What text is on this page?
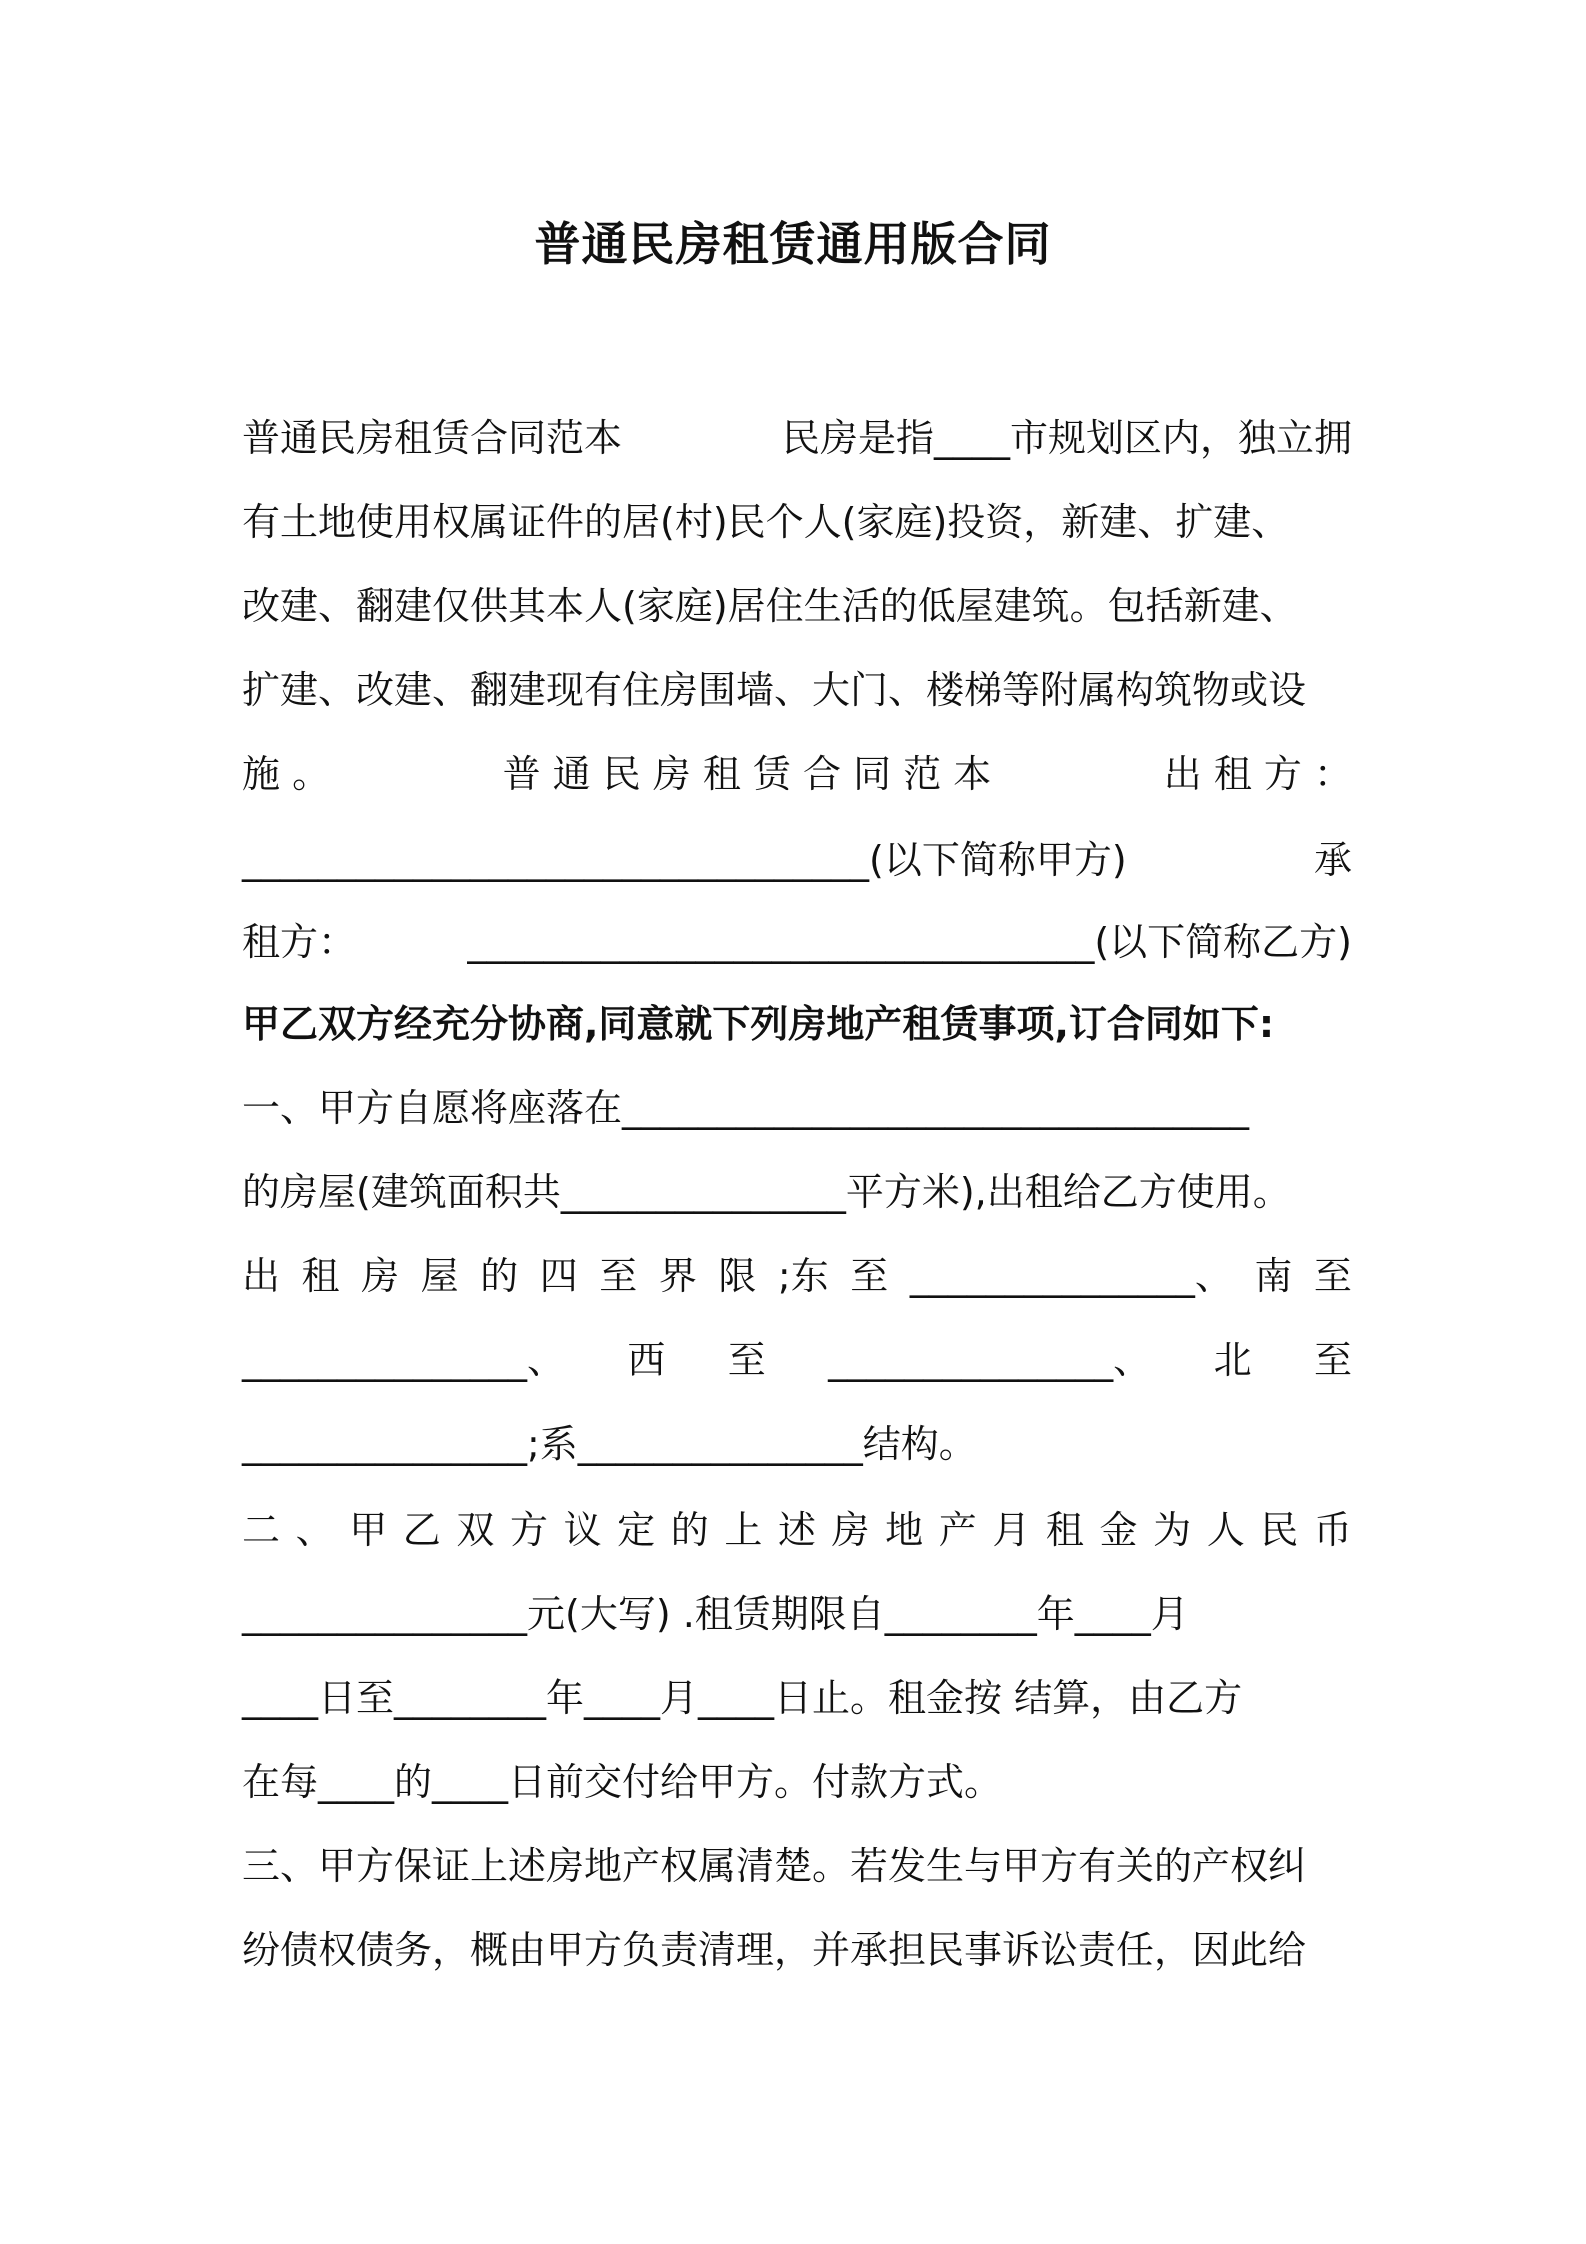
普通民房租赁通用版合同
普通民房租赁合同范本	民房是指____市规划区内，独立拥
有土地使用权属证件的居(村)民个人(家庭)投资，新建、扩建、
改建、翻建仅供其本人(家庭)居住生活的低屋建筑。包括新建、
扩建、改建、翻建现有住房围墙、大门、楼梯等附属构筑物或设
施 。	普 通 民 房 租 赁 合 同 范 本	出 租 方 ：
_________________________________(以下简称甲方)	承
租方：	_________________________________(以下简称乙方)
甲乙双方经充分协商,同意就下列房地产租赁事项,订合同如下:
一、甲方自愿将座落在_________________________________
的房屋(建筑面积共_______________平方米),出租给乙方使用。
出 租 房 屋 的 四 至 界 限 ;东 至 _______________、 南 至
_______________、 西 至 _______________、 北 至
_______________;系_______________结构。
二 、 甲 乙 双 方 议 定 的 上 述 房 地 产 月 租 金 为 人 民 币
_______________元(大写) .租赁期限自________年____月
____日至________年____月____日止。租金按 结算，由乙方
在每____的____日前交付给甲方。付款方式。
三、甲方保证上述房地产权属清楚。若发生与甲方有关的产权纠
纷债权债务，概由甲方负责清理，并承担民事诉讼责任，因此给
